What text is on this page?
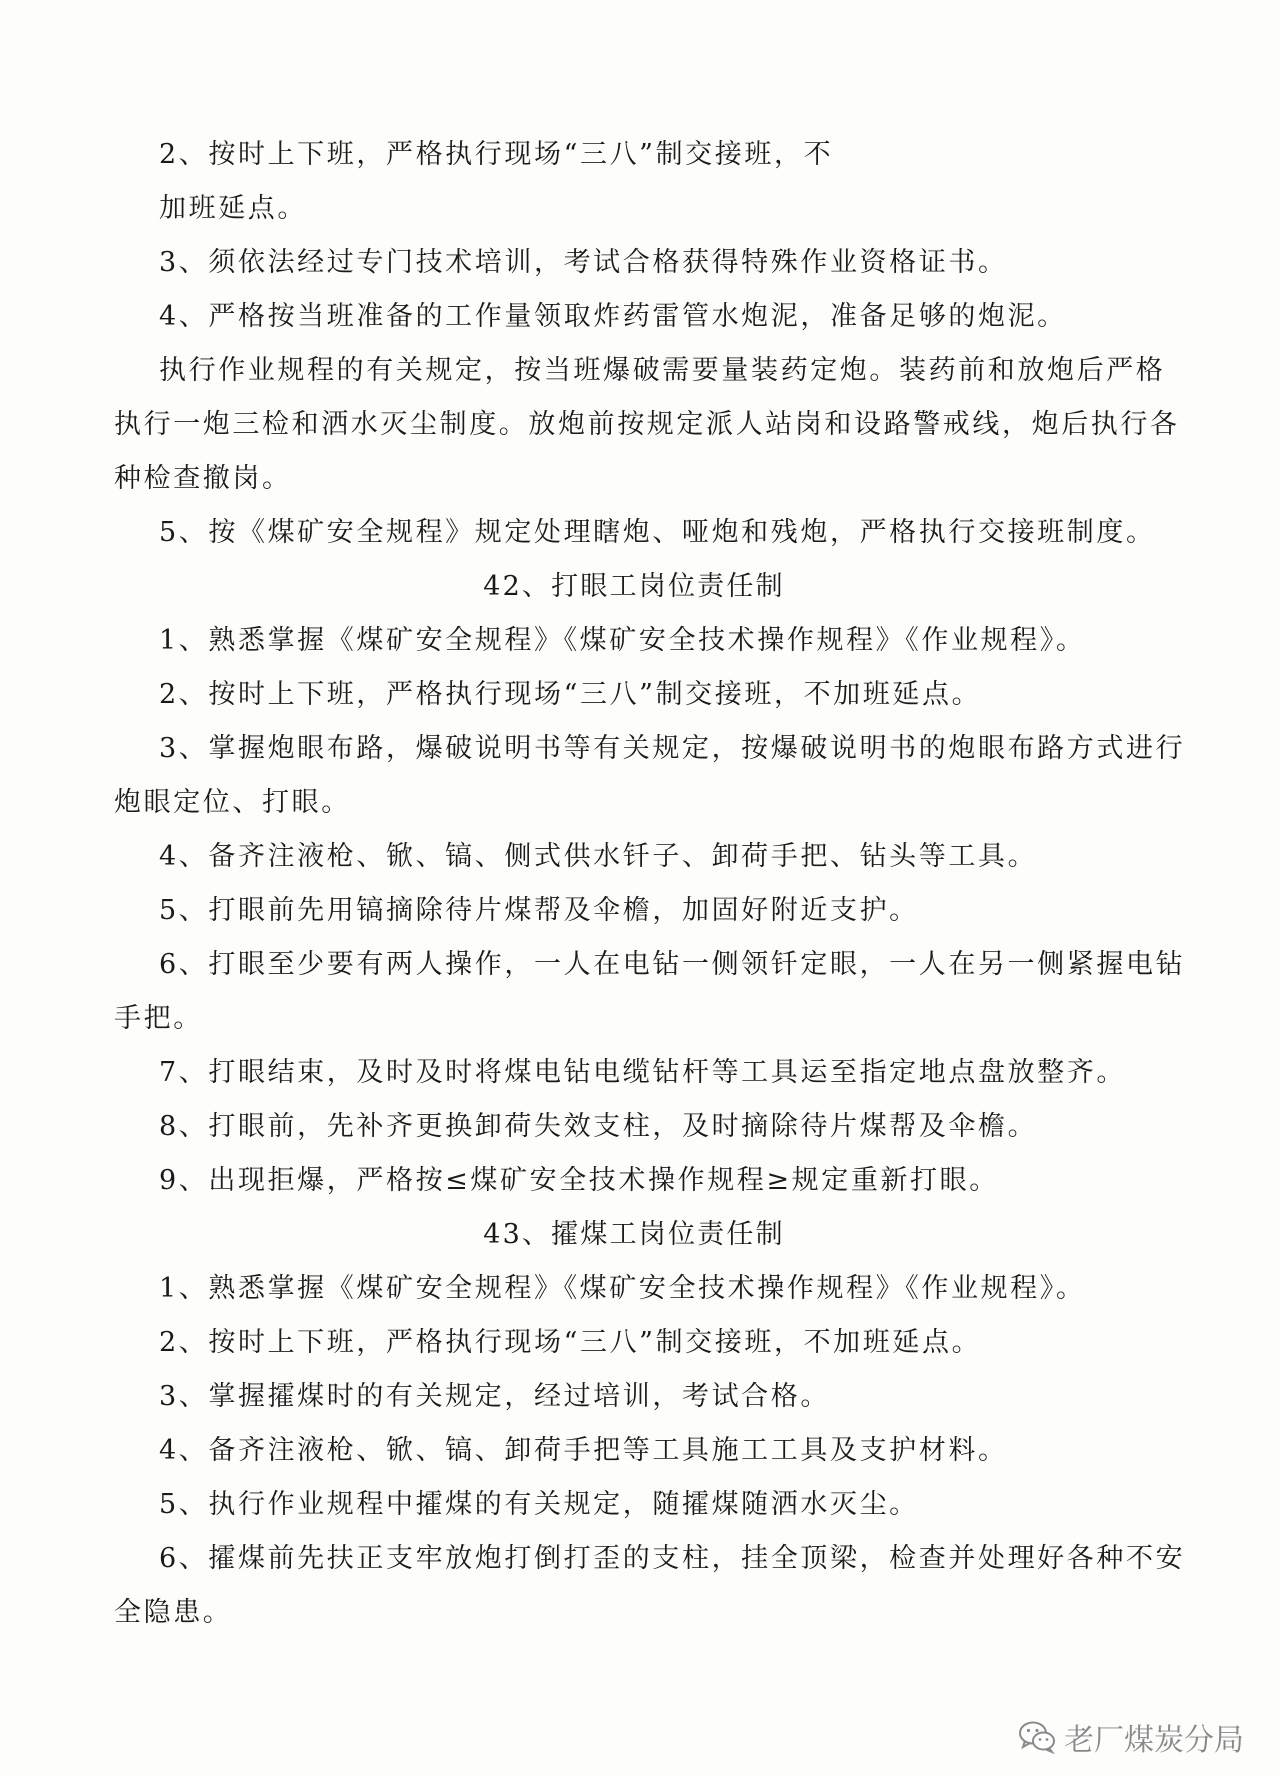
2、按时上下班，严格执行现场“三八”制交接班，不
加班延点。
3、须依法经过专门技术培训，考试合格获得特殊作业资格证书。
4、严格按当班准备的工作量领取炸药雷管水炮泥，准备足够的炮泥。
执行作业规程的有关规定，按当班爆破需要量装药定炮。装药前和放炮后严格
执行一炮三检和洒水灭尘制度。放炮前按规定派人站岗和设路警戒线，炮后执行各
种检查撤岗。
5、按《煤矿安全规程》规定处理瞎炮、哑炮和残炮，严格执行交接班制度。
42、打眼工岗位责任制
1、熟悉掌握《煤矿安全规程》《煤矿安全技术操作规程》《作业规程》。
2、按时上下班，严格执行现场“三八”制交接班，不加班延点。
3、掌握炮眼布路，爆破说明书等有关规定，按爆破说明书的炮眼布路方式进行
炮眼定位、打眼。
4、备齐注液枪、锨、镐、侧式供水钎子、卸荷手把、钻头等工具。
5、打眼前先用镐摘除待片煤帮及伞檐，加固好附近支护。
6、打眼至少要有两人操作，一人在电钻一侧领钎定眼，一人在另一侧紧握电钻
手把。
7、打眼结束，及时及时将煤电钻电缆钻杆等工具运至指定地点盘放整齐。
8、打眼前，先补齐更换卸荷失效支柱，及时摘除待片煤帮及伞檐。
9、出现拒爆，严格按≤煤矿安全技术操作规程≥规定重新打眼。
43、攉煤工岗位责任制
1、熟悉掌握《煤矿安全规程》《煤矿安全技术操作规程》《作业规程》。
2、按时上下班，严格执行现场“三八”制交接班，不加班延点。
3、掌握攉煤时的有关规定，经过培训，考试合格。
4、备齐注液枪、锨、镐、卸荷手把等工具施工工具及支护材料。
5、执行作业规程中攉煤的有关规定，随攉煤随洒水灭尘。
6、攉煤前先扶正支牢放炮打倒打歪的支柱，挂全顶梁，检查并处理好各种不安
全隐患。
老厂煤炭分局
